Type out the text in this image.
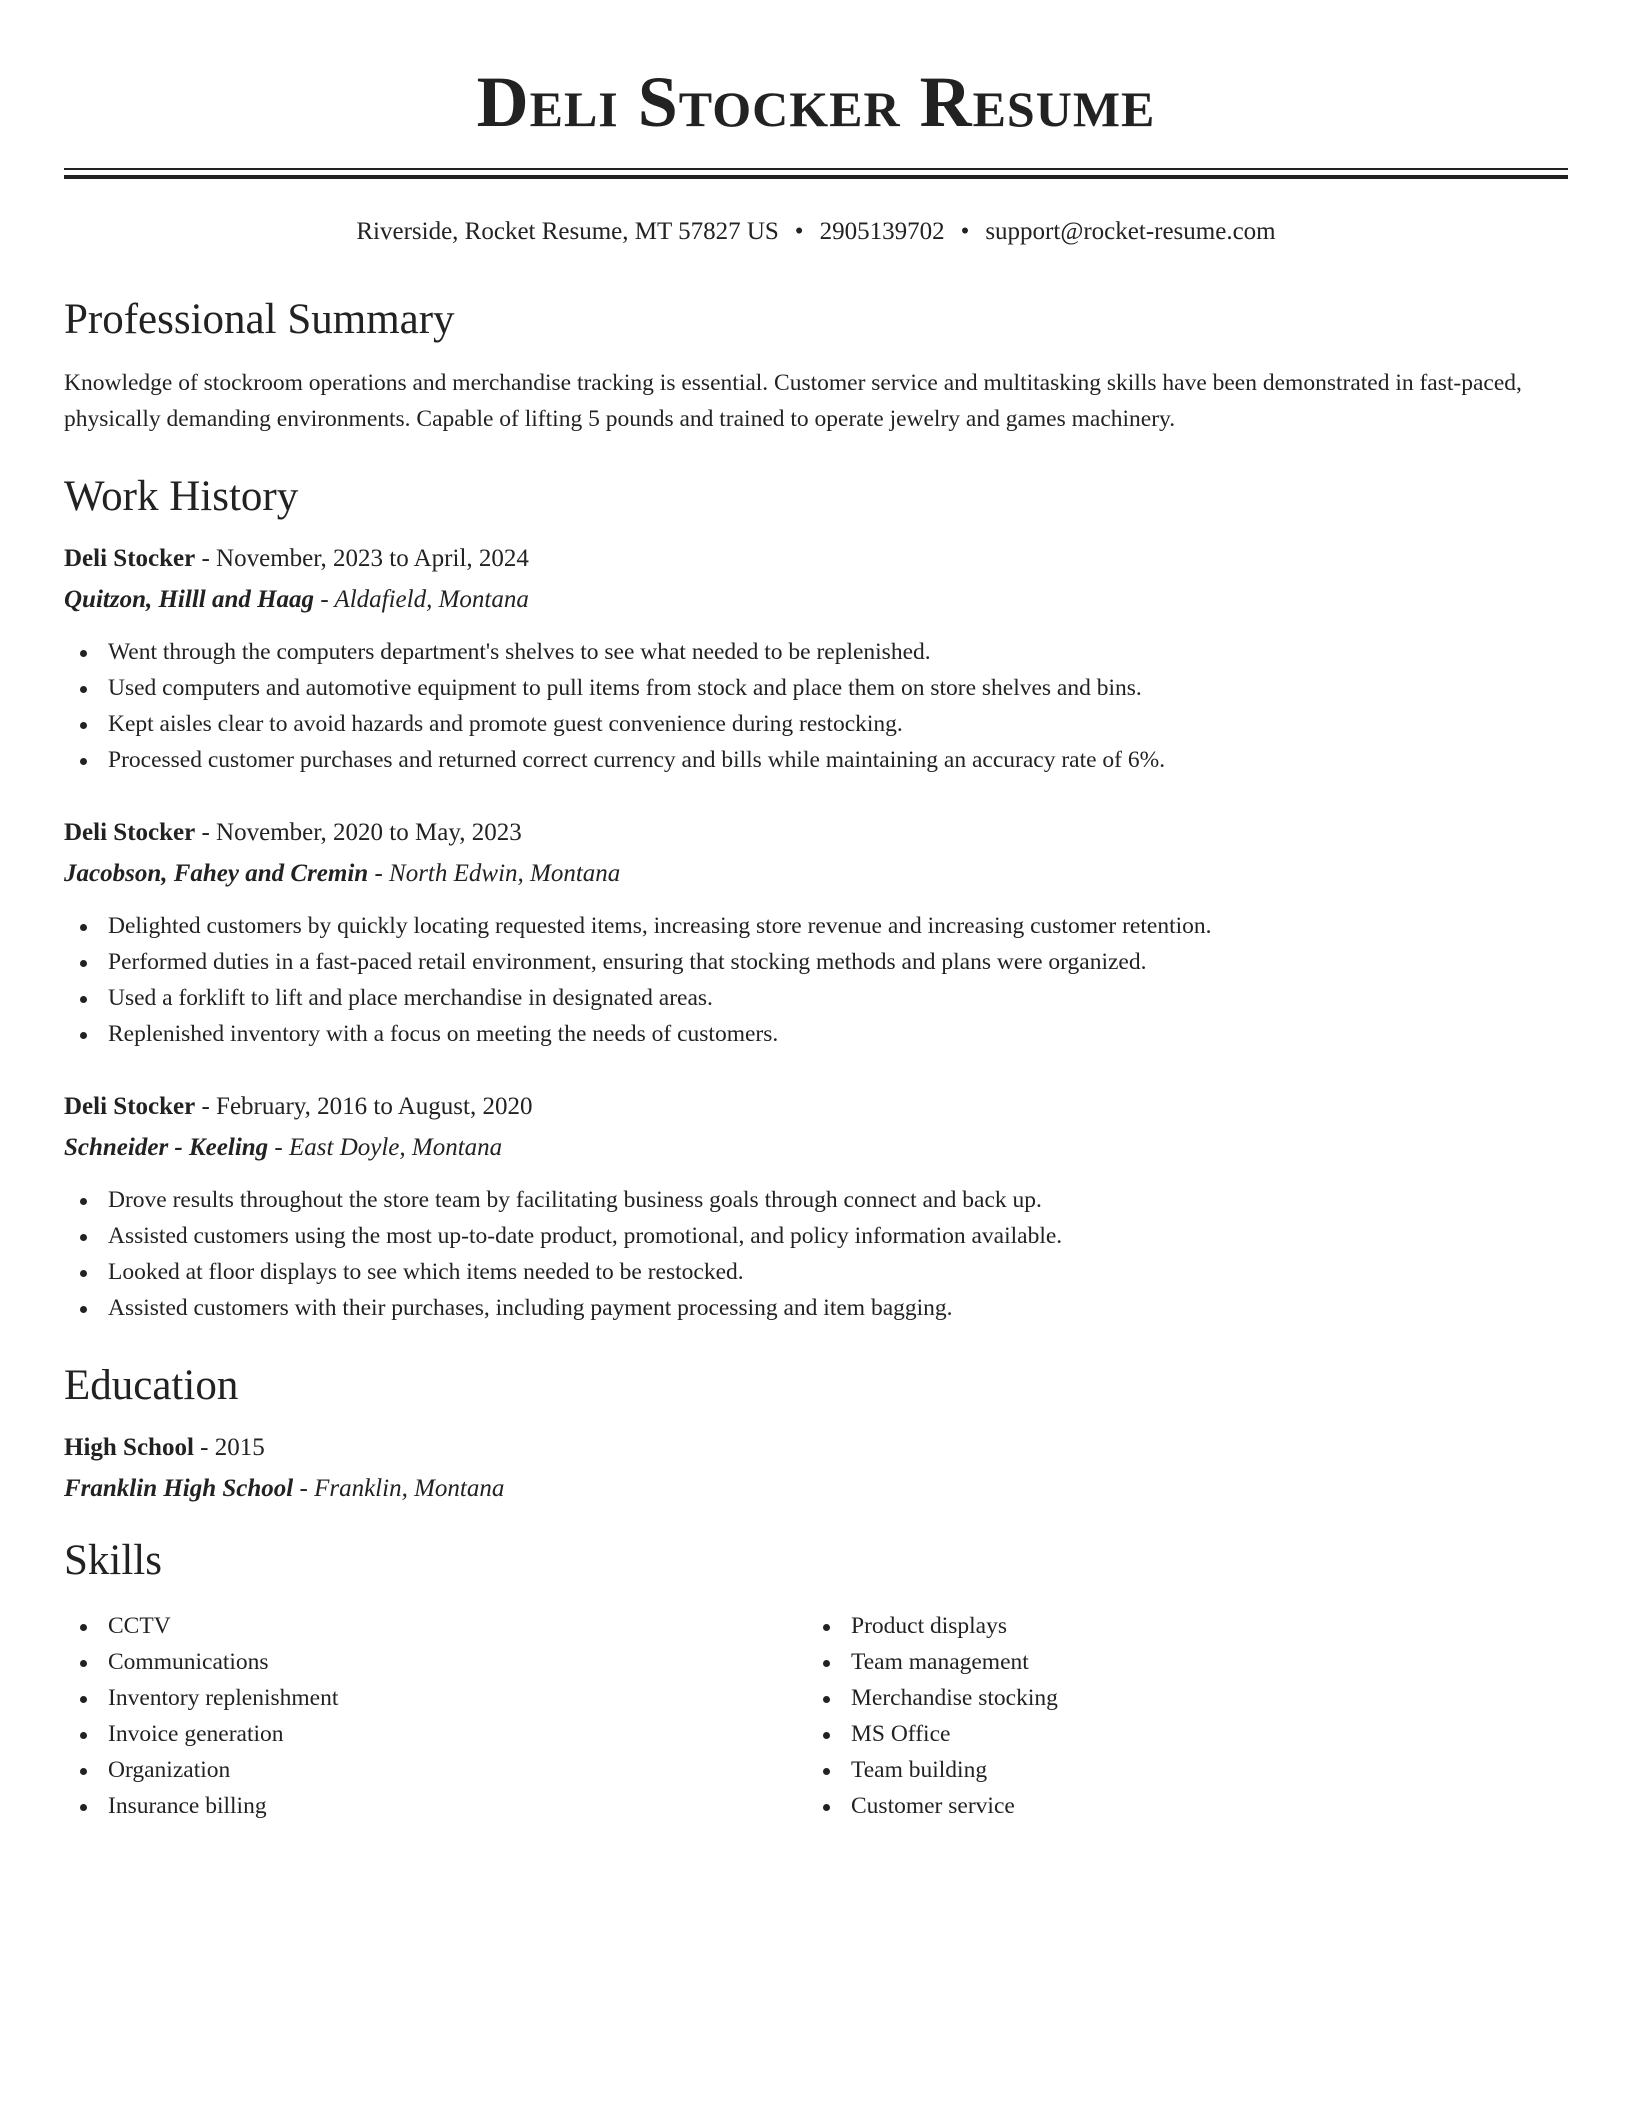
Deli Stocker Resume
Riverside, Rocket Resume, MT 57827 US • 2905139702 • support@rocket-resume.com
Professional Summary

Knowledge of stockroom operations and merchandise tracking is essential. Customer service and multitasking skills have been demonstrated in fast-paced, physically demanding environments. Capable of lifting 5 pounds and trained to operate jewelry and games machinery.

Work History
Deli Stocker - November, 2023 to April, 2024
Quitzon, Hilll and Haag - Aldafield, Montana
Went through the computers department's shelves to see what needed to be replenished.
Used computers and automotive equipment to pull items from stock and place them on store shelves and bins.
Kept aisles clear to avoid hazards and promote guest convenience during restocking.
Processed customer purchases and returned correct currency and bills while maintaining an accuracy rate of 6%.
Deli Stocker - November, 2020 to May, 2023
Jacobson, Fahey and Cremin - North Edwin, Montana
Delighted customers by quickly locating requested items, increasing store revenue and increasing customer retention.
Performed duties in a fast-paced retail environment, ensuring that stocking methods and plans were organized.
Used a forklift to lift and place merchandise in designated areas.
Replenished inventory with a focus on meeting the needs of customers.
Deli Stocker - February, 2016 to August, 2020
Schneider - Keeling - East Doyle, Montana
Drove results throughout the store team by facilitating business goals through connect and back up.
Assisted customers using the most up-to-date product, promotional, and policy information available.
Looked at floor displays to see which items needed to be restocked.
Assisted customers with their purchases, including payment processing and item bagging.
Education
High School - 2015
Franklin High School - Franklin, Montana
Skills
CCTV
Communications
Inventory replenishment
Invoice generation
Organization
Insurance billing
Product displays
Team management
Merchandise stocking
MS Office
Team building
Customer service
